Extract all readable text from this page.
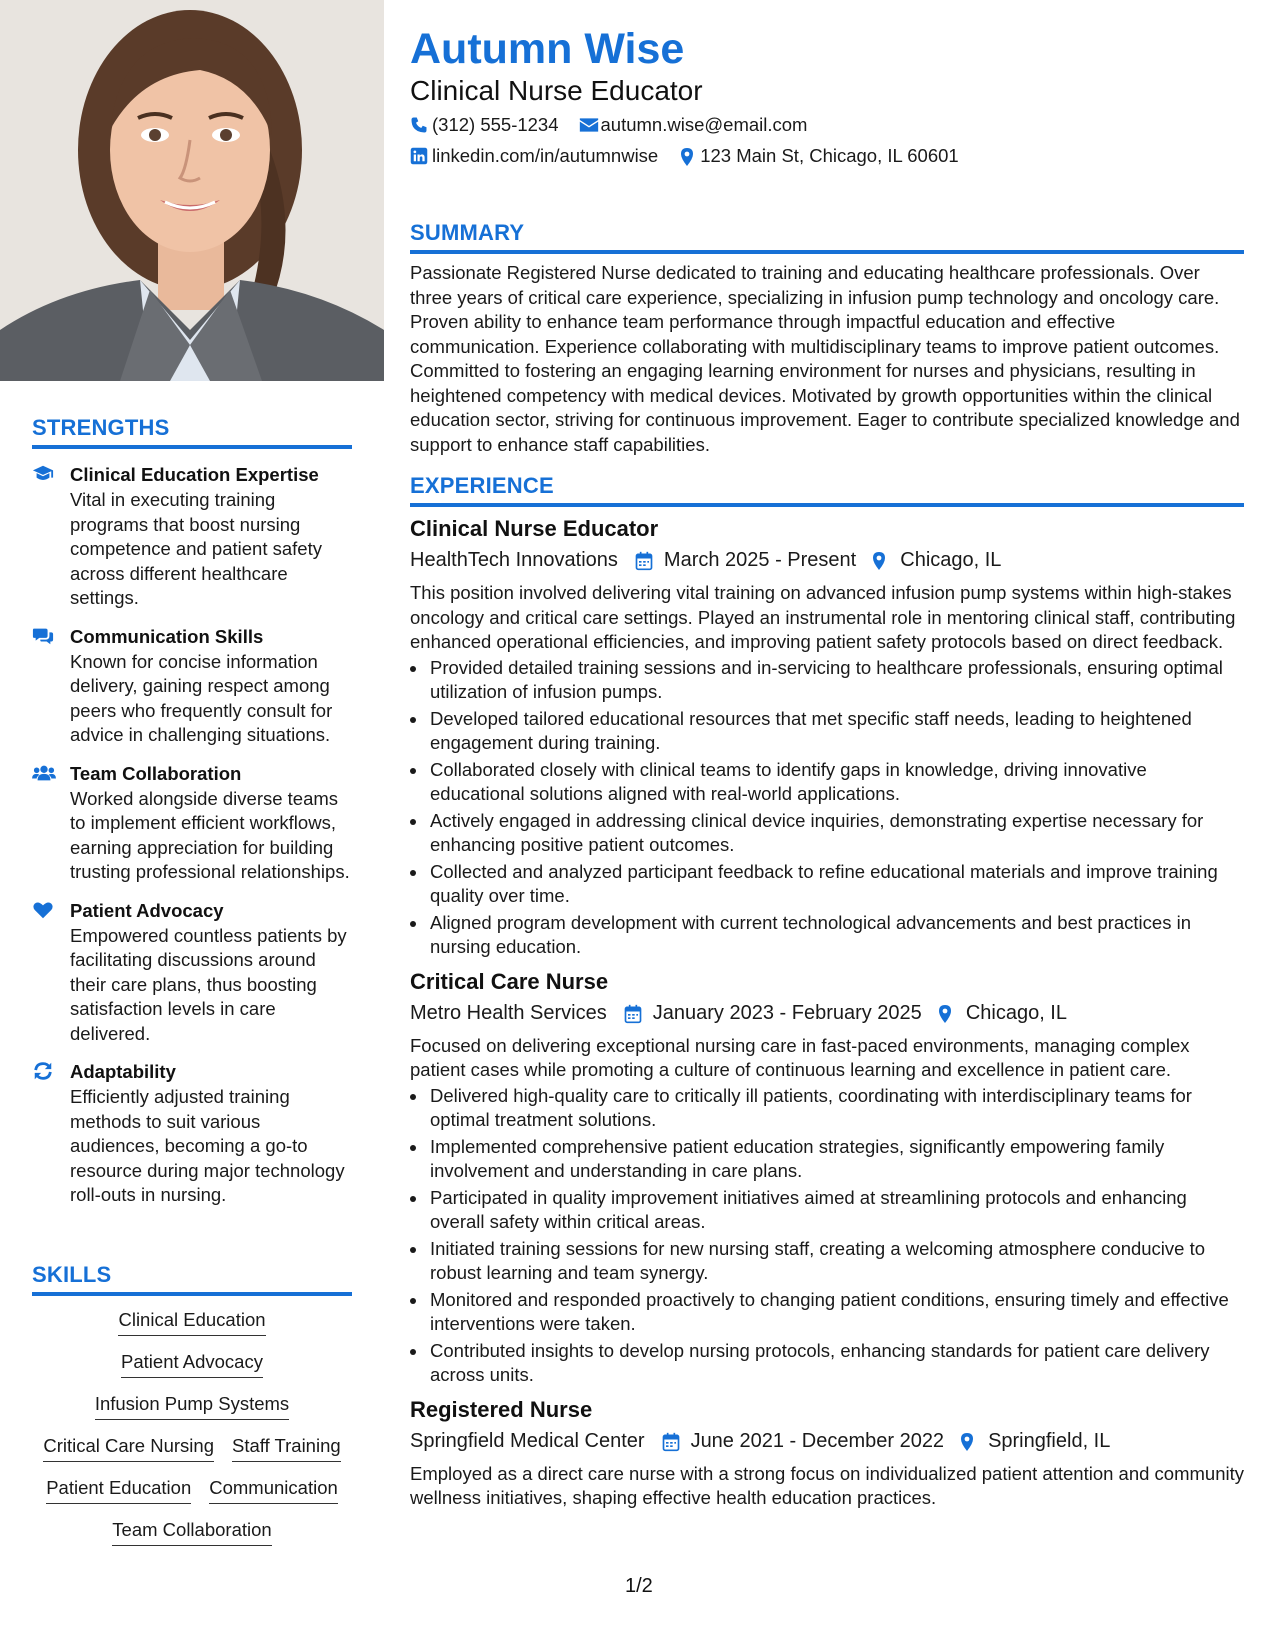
STRENGTHS
Clinical Education Expertise
Vital in executing training programs that boost nursing competence and patient safety across different healthcare settings.
Communication Skills
Known for concise information delivery, gaining respect among peers who frequently consult for advice in challenging situations.
Team Collaboration
Worked alongside diverse teams to implement efficient workflows, earning appreciation for building trusting professional relationships.
Patient Advocacy
Empowered countless patients by facilitating discussions around their care plans, thus boosting satisfaction levels in care delivered.
Adaptability
Efficiently adjusted training methods to suit various audiences, becoming a go-to resource during major technology roll-outs in nursing.
SKILLS
Clinical Education
Patient Advocacy
Infusion Pump Systems
Critical Care Nursing Staff Training
Patient Education Communication
Team Collaboration
Autumn Wise
Clinical Nurse Educator
(312) 555-1234 autumn.wise@email.com
linkedin.com/in/autumnwise 123 Main St, Chicago, IL 60601
SUMMARY

Passionate Registered Nurse dedicated to training and educating healthcare professionals. Over three years of critical care experience, specializing in infusion pump technology and oncology care. Proven ability to enhance team performance through impactful education and effective communication. Experience collaborating with multidisciplinary teams to improve patient outcomes. Committed to fostering an engaging learning environment for nurses and physicians, resulting in heightened competency with medical devices. Motivated by growth opportunities within the clinical education sector, striving for continuous improvement. Eager to contribute specialized knowledge and support to enhance staff capabilities.

EXPERIENCE
Clinical Nurse Educator
HealthTech Innovations March 2025 - Present Chicago, IL
This position involved delivering vital training on advanced infusion pump systems within high-stakes oncology and critical care settings. Played an instrumental role in mentoring clinical staff, contributing enhanced operational efficiencies, and improving patient safety protocols based on direct feedback.
• Provided detailed training sessions and in-servicing to healthcare professionals, ensuring optimal utilization of infusion pumps.
• Developed tailored educational resources that met specific staff needs, leading to heightened engagement during training.
• Collaborated closely with clinical teams to identify gaps in knowledge, driving innovative educational solutions aligned with real-world applications.
• Actively engaged in addressing clinical device inquiries, demonstrating expertise necessary for enhancing positive patient outcomes.
• Collected and analyzed participant feedback to refine educational materials and improve training quality over time.
• Aligned program development with current technological advancements and best practices in nursing education.
Critical Care Nurse
Metro Health Services January 2023 - February 2025 Chicago, IL
Focused on delivering exceptional nursing care in fast-paced environments, managing complex patient cases while promoting a culture of continuous learning and excellence in patient care.
• Delivered high-quality care to critically ill patients, coordinating with interdisciplinary teams for optimal treatment solutions.
• Implemented comprehensive patient education strategies, significantly empowering family involvement and understanding in care plans.
• Participated in quality improvement initiatives aimed at streamlining protocols and enhancing overall safety within critical areas.
• Initiated training sessions for new nursing staff, creating a welcoming atmosphere conducive to robust learning and team synergy.
• Monitored and responded proactively to changing patient conditions, ensuring timely and effective interventions were taken.
• Contributed insights to develop nursing protocols, enhancing standards for patient care delivery across units.
Registered Nurse
Springfield Medical Center June 2021 - December 2022 Springfield, IL
Employed as a direct care nurse with a strong focus on individualized patient attention and community wellness initiatives, shaping effective health education practices.
1/2
